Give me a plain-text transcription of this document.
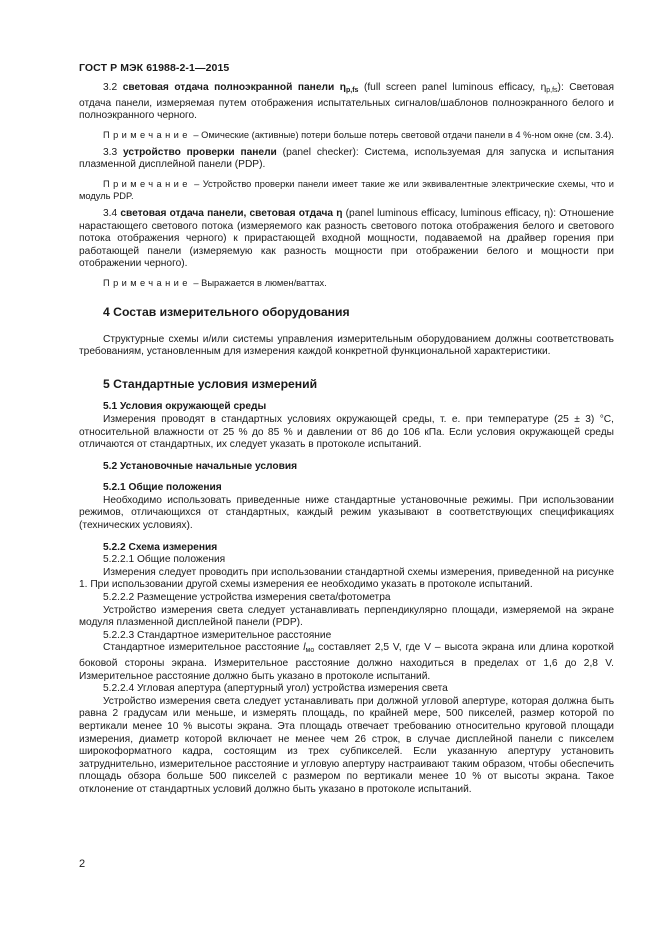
ГОСТ Р МЭК 61988-2-1—2015

3.2 световая отдача полноэкранной панели $\eta_{p,fs}$ (full screen panel luminous efficacy, $\eta_{p,fs}$): Световая отдача панели, измеряемая путем отображения испытательных сигналов/шаблонов полноэкранного белого и полноэкранного черного.

Примечание – Омические (активные) потери больше потерь световой отдачи панели в 4 %-ном окне (см. 3.4).

3.3 устройство проверки панели (panel checker): Система, используемая для запуска и испытания плазменной дисплейной панели (PDP).

Примечание – Устройство проверки панели имеет такие же или эквивалентные электрические схемы, что и модуль PDP.

3.4 световая отдача панели, световая отдача η (panel luminous efficacy, luminous efficacy, η): Отношение нарастающего светового потока (измеряемого как разность светового потока отображения белого и светового потока отображения черного) к прирастающей входной мощности, подаваемой на драйвер горения при работающей панели (измеряемую как разность мощности при отображении белого и мощности при отображении черного).

Примечание – Выражается в люмен/ваттах.

4 Состав измерительного оборудования

Структурные схемы и/или системы управления измерительным оборудованием должны соответствовать требованиям, установленным для измерения каждой конкретной функциональной характеристики.

5 Стандартные условия измерений

5.1 Условия окружающей среды

Измерения проводят в стандартных условиях окружающей среды, т. е. при температуре (25 ± 3) °С, относительной влажности от 25 % до 85 % и давлении от 86 до 106 кПа. Если условия окружающей среды отличаются от стандартных, их следует указать в протоколе испытаний.

5.2 Установочные начальные условия

5.2.1 Общие положения

Необходимо использовать приведенные ниже стандартные установочные режимы. При использовании режимов, отличающихся от стандартных, каждый режим указывают в соответствующих спецификациях (технических условиях).

5.2.2 Схема измерения

5.2.2.1 Общие положения

Измерения следует проводить при использовании стандартной схемы измерения, приведенной на рисунке 1. При использовании другой схемы измерения ее необходимо указать в протоколе испытаний.

5.2.2.2 Размещение устройства измерения света/фотометра

Устройство измерения света следует устанавливать перпендикулярно площади, измеряемой на экране модуля плазменной дисплейной панели (PDP).

5.2.2.3 Стандартное измерительное расстояние

Стандартное измерительное расстояние $l_{мо}$ составляет 2,5 V, где V – высота экрана или длина короткой боковой стороны экрана. Измерительное расстояние должно находиться в пределах от 1,6 до 2,8 V. Измерительное расстояние должно быть указано в протоколе испытаний.

5.2.2.4 Угловая апертура (апертурный угол) устройства измерения света

Устройство измерения света следует устанавливать при должной угловой апертуре, которая должна быть равна 2 градусам или меньше, и измерять площадь, по крайней мере, 500 пикселей, размер которой по вертикали менее 10 % высоты экрана. Эта площадь отвечает требованию относительно круговой площади измерения, диаметр которой включает не менее чем 26 строк, в случае дисплейной панели с пикселем широкоформатного кадра, состоящим из трех субпикселей. Если указанную апертуру установить затруднительно, измерительное расстояние и угловую апертуру настраивают таким образом, чтобы обеспечить площадь обзора больше 500 пикселей с размером по вертикали менее 10 % от высоты экрана. Такое отклонение от стандартных условий должно быть указано в протоколе испытаний.

2
